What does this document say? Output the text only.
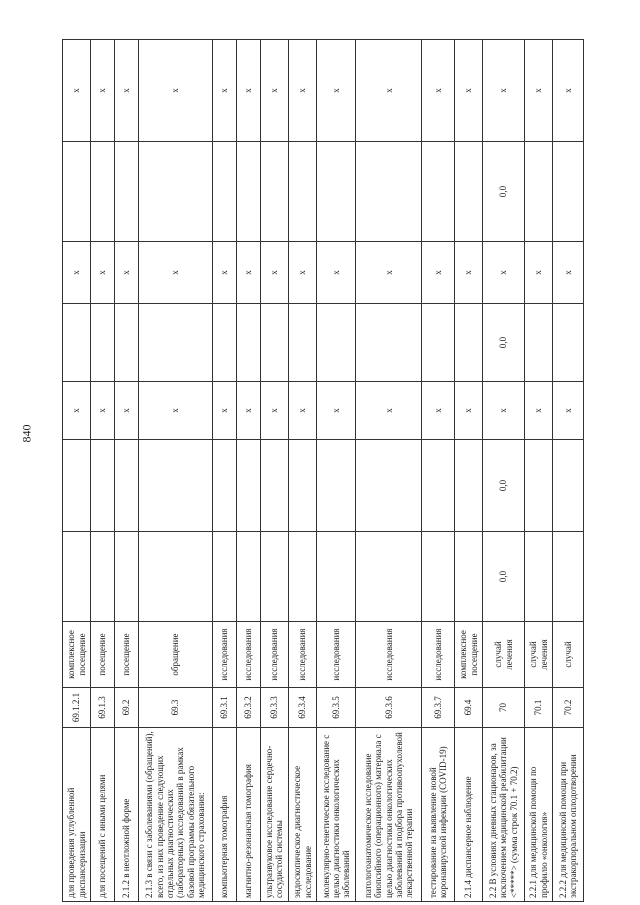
840
для проведения углубленной диспансеризации	69.1.2.1	комплексное посещение			х		х		х
для посещений с иными целями	69.1.3	посещение			х		х		х
2.1.2 в неотложной форме	69.2	посещение			х		х		х
2.1.3 в связи с заболеваниями (обращений), всего, из них проведение следующих отдельных диагностических (лабораторных) исследований в рамках базовой программы обязательного медицинского страхования:	69.3	обращение			х		х		х
компьютерная томография	69.3.1	исследования			х		х		х
магнитно-резонансная томография	69.3.2	исследования			х		х		х
ультразвуковое исследование сердечно-сосудистой системы	69.3.3	исследования			х		х		х
эндоскопическое диагностическое исследование	69.3.4	исследования			х		х		х
молекулярно-генетическое исследование с целью диагностики онкологических заболеваний	69.3.5	исследования			х		х		х
патологоанатомическое исследование биопсийного (операционного) материала с целью диагностики онкологических заболеваний и подбора противоопухолевой лекарственной терапии	69.3.6	исследования			х		х		х
тестирование на выявление новой коронавирусной инфекции (COVID-19)	69.3.7	исследования			х		х		х
2.1.4 диспансерное наблюдение	69.4	комплексное посещение			х		х		х
2.2 В условиях дневных стационаров, за исключением медицинской реабилитации <*****> (сумма строк 70.1 + 70.2)	70	случай лечения	0,0	0,0	х	0,0	х	0,0	х
2.2.1 для медицинской помощи по профилю «онкология»	70.1	случай лечения			х		х		х
2.2.2 для медицинской помощи при экстракорпоральном оплодотворении	70.2	случай			х		х		х
